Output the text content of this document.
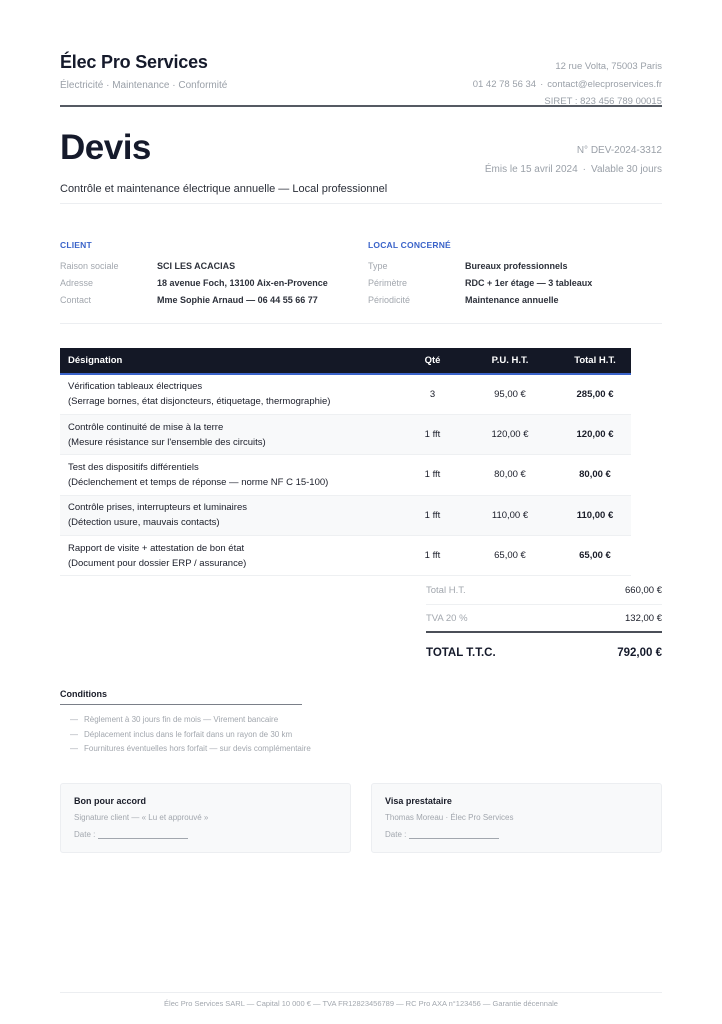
Élec Pro Services
Électricité · Maintenance · Conformité
12 rue Volta, 75003 Paris
01 42 78 56 34 · contact@elecproservices.fr
SIRET : 823 456 789 00015
Devis	N° DEV-2024-3312
Émis le 15 avril 2024 · Valable 30 jours
Contrôle et maintenance électrique annuelle — Local professionnel
CLIENT
Raison sociale	SCI LES ACACIAS
Adresse	18 avenue Foch, 13100 Aix-en-Provence
Contact	Mme Sophie Arnaud — 06 44 55 66 77
LOCAL CONCERNÉ
Type	Bureaux professionnels
Périmètre	RDC + 1er étage — 3 tableaux
Périodicité	Maintenance annuelle
Désignation	Qté	P.U. H.T.	Total H.T.

Vérification tableaux électriques
(Serrage bornes, état disjoncteurs, étiquetage, thermographie)	3	95,00 €	285,00 €

Contrôle continuité de mise à la terre
(Mesure résistance sur l'ensemble des circuits)	1 fft	120,00 €	120,00 €

Test des dispositifs différentiels
(Déclenchement et temps de réponse — norme NF C 15-100)	1 fft	80,00 €	80,00 €

Contrôle prises, interrupteurs et luminaires
(Détection usure, mauvais contacts)	1 fft	110,00 €	110,00 €

Rapport de visite + attestation de bon état
(Document pour dossier ERP / assurance)	1 fft	65,00 €	65,00 €
Total H.T.	660,00 €
TVA 20 %	132,00 €
TOTAL T.T.C.	792,00 €
Conditions
— Règlement à 30 jours fin de mois — Virement bancaire
— Déplacement inclus dans le forfait dans un rayon de 30 km
— Fournitures éventuelles hors forfait — sur devis complémentaire
Bon pour accord
Signature client — « Lu et approuvé »
Date :
Visa prestataire
Thomas Moreau · Élec Pro Services
Date :
Élec Pro Services SARL — Capital 10 000 € — TVA FR12823456789 — RC Pro AXA n°123456 — Garantie décennale
